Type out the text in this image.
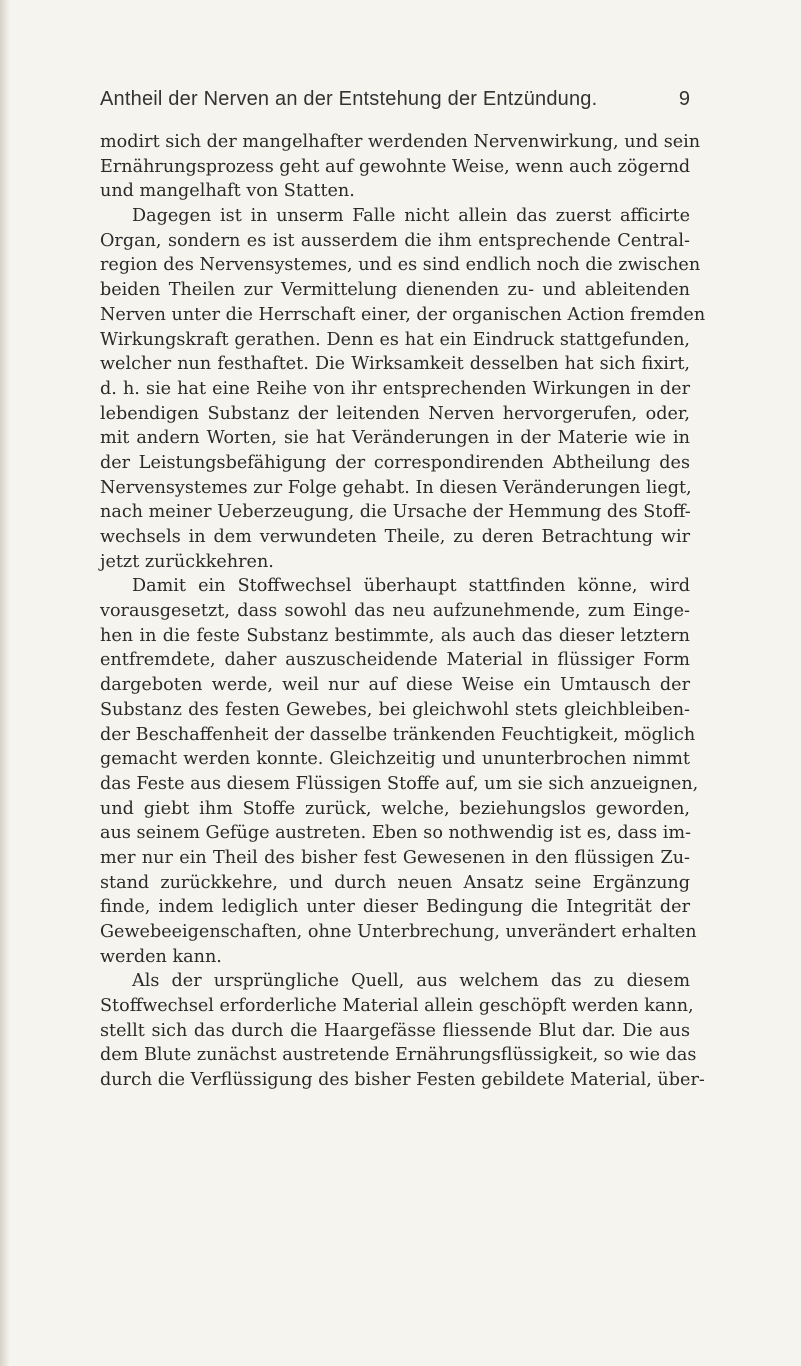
Antheil der Nerven an der Entstehung der Entzündung.	9
modirt sich der mangelhafter werdenden Nervenwirkung, und sein
Ernährungsprozess geht auf gewohnte Weise, wenn auch zögernd
und mangelhaft von Statten.
Dagegen ist in unserm Falle nicht allein das zuerst afficirte
Organ, sondern es ist ausserdem die ihm entsprechende Central-
region des Nervensystemes, und es sind endlich noch die zwischen
beiden Theilen zur Vermittelung dienenden zu- und ableitenden
Nerven unter die Herrschaft einer, der organischen Action fremden
Wirkungskraft gerathen. Denn es hat ein Eindruck stattgefunden,
welcher nun festhaftet. Die Wirksamkeit desselben hat sich fixirt,
d. h. sie hat eine Reihe von ihr entsprechenden Wirkungen in der
lebendigen Substanz der leitenden Nerven hervorgerufen, oder,
mit andern Worten, sie hat Veränderungen in der Materie wie in
der Leistungsbefähigung der correspondirenden Abtheilung des
Nervensystemes zur Folge gehabt. In diesen Veränderungen liegt,
nach meiner Ueberzeugung, die Ursache der Hemmung des Stoff-
wechsels in dem verwundeten Theile, zu deren Betrachtung wir
jetzt zurückkehren.
Damit ein Stoffwechsel überhaupt stattfinden könne, wird
vorausgesetzt, dass sowohl das neu aufzunehmende, zum Einge-
hen in die feste Substanz bestimmte, als auch das dieser letztern
entfremdete, daher auszuscheidende Material in flüssiger Form
dargeboten werde, weil nur auf diese Weise ein Umtausch der
Substanz des festen Gewebes, bei gleichwohl stets gleichbleiben-
der Beschaffenheit der dasselbe tränkenden Feuchtigkeit, möglich
gemacht werden konnte. Gleichzeitig und ununterbrochen nimmt
das Feste aus diesem Flüssigen Stoffe auf, um sie sich anzueignen,
und giebt ihm Stoffe zurück, welche, beziehungslos geworden,
aus seinem Gefüge austreten. Eben so nothwendig ist es, dass im-
mer nur ein Theil des bisher fest Gewesenen in den flüssigen Zu-
stand zurückkehre, und durch neuen Ansatz seine Ergänzung
finde, indem lediglich unter dieser Bedingung die Integrität der
Gewebeeigenschaften, ohne Unterbrechung, unverändert erhalten
werden kann.
Als der ursprüngliche Quell, aus welchem das zu diesem
Stoffwechsel erforderliche Material allein geschöpft werden kann,
stellt sich das durch die Haargefässe fliessende Blut dar. Die aus
dem Blute zunächst austretende Ernährungsflüssigkeit, so wie das
durch die Verflüssigung des bisher Festen gebildete Material, über-
